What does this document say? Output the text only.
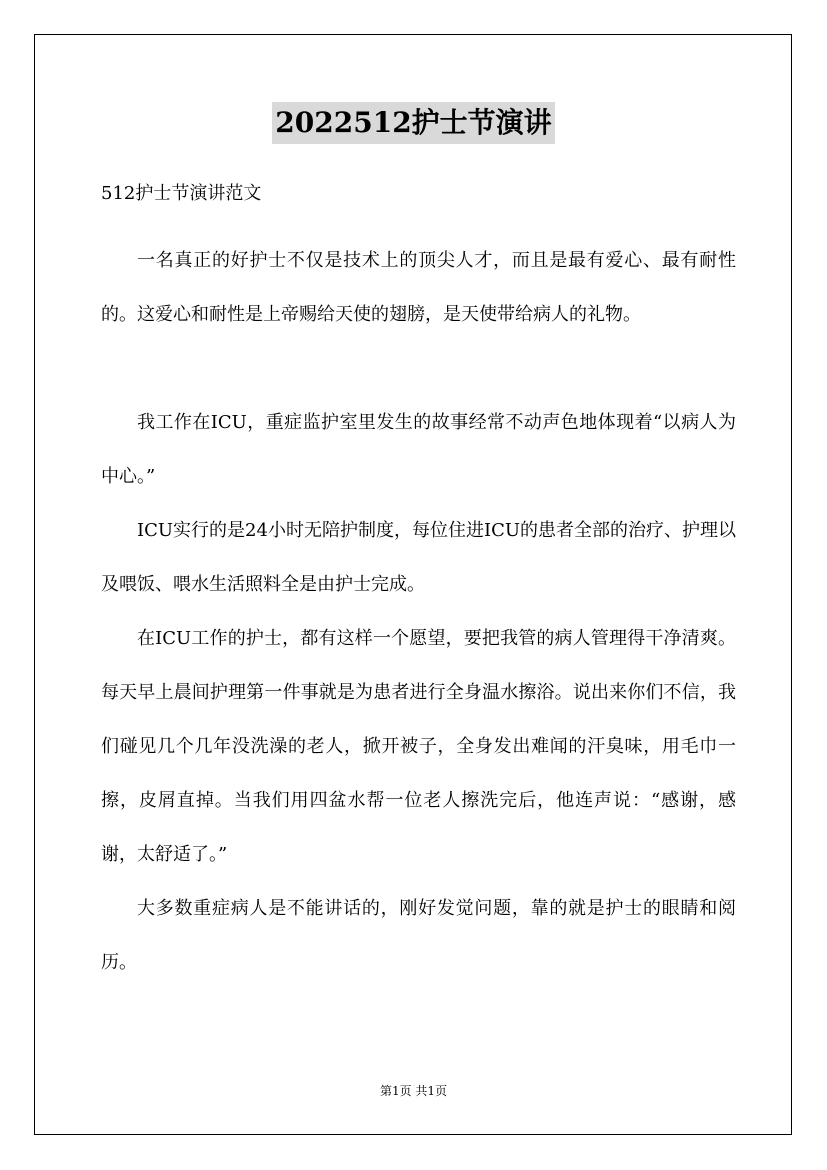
2022512护士节演讲
512护士节演讲范文

一名真正的好护士不仅是技术上的顶尖人才，而且是最有爱心、最有耐性的。这爱心和耐性是上帝赐给天使的翅膀，是天使带给病人的礼物。

我工作在ICU，重症监护室里发生的故事经常不动声色地体现着“以病人为中心。”

ICU实行的是24小时无陪护制度，每位住进ICU的患者全部的治疗、护理以及喂饭、喂水生活照料全是由护士完成。

在ICU工作的护士，都有这样一个愿望，要把我管的病人管理得干净清爽。每天早上晨间护理第一件事就是为患者进行全身温水擦浴。说出来你们不信，我们碰见几个几年没洗澡的老人，掀开被子，全身发出难闻的汗臭味，用毛巾一擦，皮屑直掉。当我们用四盆水帮一位老人擦洗完后，他连声说：“感谢，感谢，太舒适了。”

大多数重症病人是不能讲话的，刚好发觉问题，靠的就是护士的眼睛和阅历。

第1页 共1页
